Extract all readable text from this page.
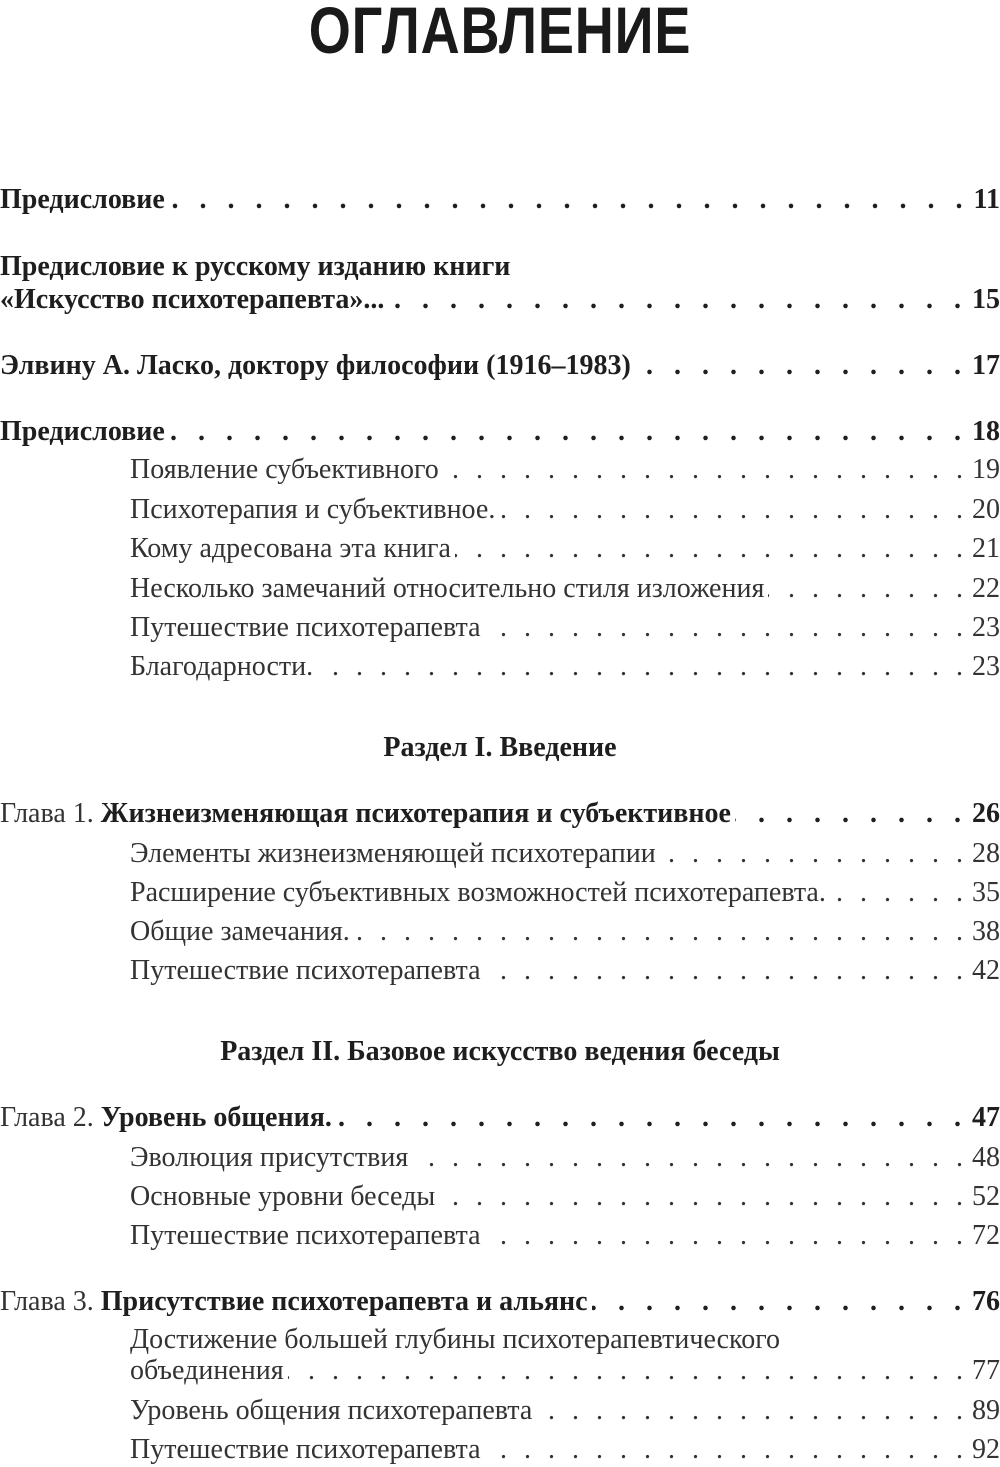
ОГЛАВЛЕНИЕ
Предисловие . . .	11
Предисловие к русскому изданию книги
«Искусство психотерапевта»... . . .	15
Элвину А. Ласко, доктору философии (1916–1983) . . .	17
Предисловие . . .	18
Появление субъективного . . .	19
Психотерапия и субъективное. . . .	20
Кому адресована эта книга . . .	21
Несколько замечаний относительно стиля изложения . . .	22
Путешествие психотерапевта . . .	23
Благодарности. . . .	23
Раздел I. Введение
Глава 1. Жизнеизменяющая психотерапия и субъективное . . .	26
Элементы жизнеизменяющей психотерапии . . .	28
Расширение субъективных возможностей психотерапевта. . . .	35
Общие замечания. . . .	38
Путешествие психотерапевта . . .	42
Раздел II. Базовое искусство ведения беседы
Глава 2. Уровень общения. . . .	47
Эволюция присутствия . . .	48
Основные уровни беседы . . .	52
Путешествие психотерапевта . . .	72
Глава 3. Присутствие психотерапевта и альянс . . .	76
Достижение большей глубины психотерапевтического
объединения . . .	77
Уровень общения психотерапевта . . .	89
Путешествие психотерапевта . . .	92
